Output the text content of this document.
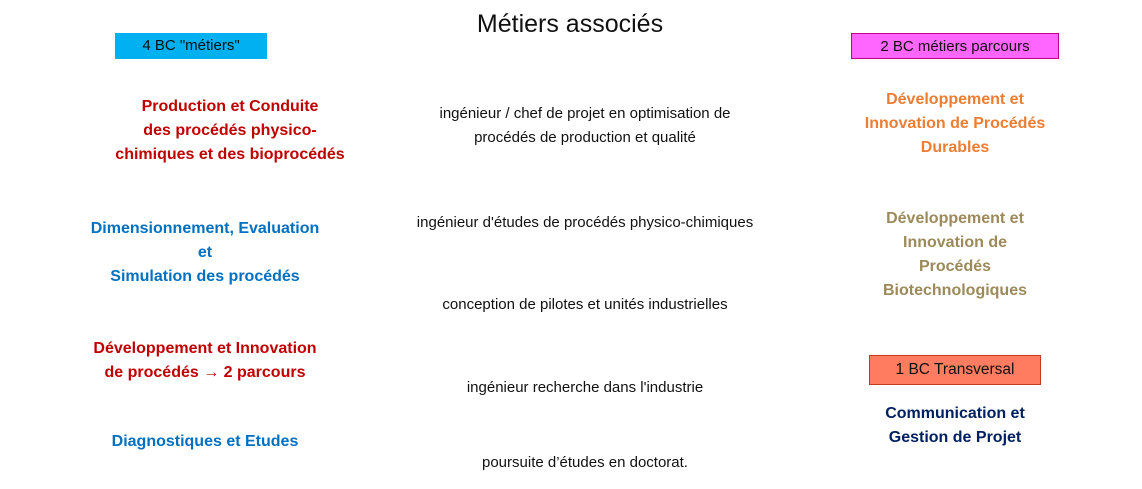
Métiers associés
4 BC "métiers"	2 BC métiers parcours
1 BC Transversal
Production et Conduite
des procédés physico-
chimiques et des bioprocédés
Dimensionnement, Evaluation
et
Simulation des procédés
Développement et Innovation
de procédés → 2 parcours
Diagnostiques et Etudes
ingénieur / chef de projet en optimisation de
procédés de production et qualité
ingénieur d'études de procédés physico-chimiques
conception de pilotes et unités industrielles
ingénieur recherche dans l'industrie
poursuite d’études en doctorat.
Développement et
Innovation de Procédés
Durables
Développement et
Innovation de
Procédés
Biotechnologiques
Communication et
Gestion de Projet
